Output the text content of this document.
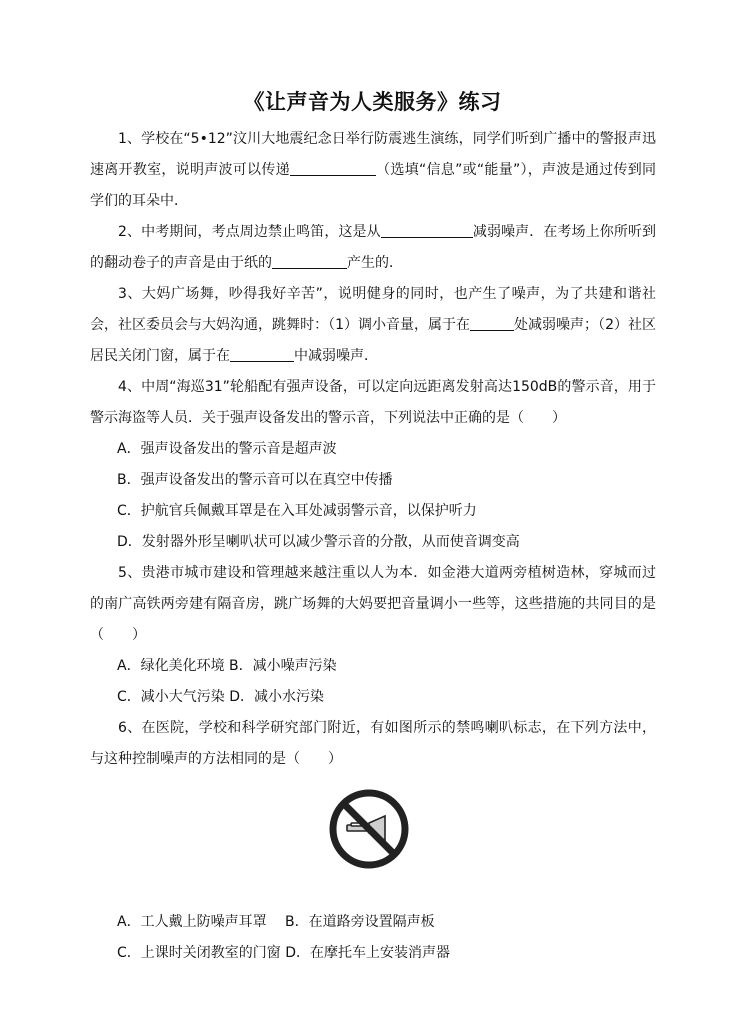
《让声音为人类服务》练习

1、学校在“5•12”汶川大地震纪念日举行防震逃生演练，同学们听到广播中的警报声迅速离开教室，说明声波可以传递	（选填“信息”或“能量”），声波是通过传到同学们的耳朵中．

2、中考期间，考点周边禁止鸣笛，这是从	减弱噪声．在考场上你所听到的翻动卷子的声音是由于纸的	产生的．

3、大妈广场舞，吵得我好辛苦”，说明健身的同时，也产生了噪声，为了共建和谐社会，社区委员会与大妈沟通，跳舞时：（1）调小音量，属于在	处减弱噪声；（2）社区居民关闭门窗，属于在	中减弱噪声．

4、中周“海巡31”轮船配有强声设备，可以定向远距离发射高达150dB的警示音，用于警示海盗等人员．关于强声设备发出的警示音，下列说法中正确的是（　　）

A．强声设备发出的警示音是超声波

B．强声设备发出的警示音可以在真空中传播

C．护航官兵佩戴耳罩是在入耳处减弱警示音，以保护听力

D．发射器外形呈喇叭状可以减少警示音的分散，从而使音调变高

5、贵港市城市建设和管理越来越注重以人为本．如金港大道两旁植树造林，穿城而过的南广高铁两旁建有隔音房，跳广场舞的大妈要把音量调小一些等，这些措施的共同目的是（　　）

A．绿化美化环境 B．减小噪声污染

C．减小大气污染 D．减小水污染

6、在医院，学校和科学研究部门附近，有如图所示的禁鸣喇叭标志，在下列方法中，与这种控制噪声的方法相同的是（　　）

A．工人戴上防噪声耳罩　 B．在道路旁设置隔声板

C．上课时关闭教室的门窗 D．在摩托车上安装消声器
